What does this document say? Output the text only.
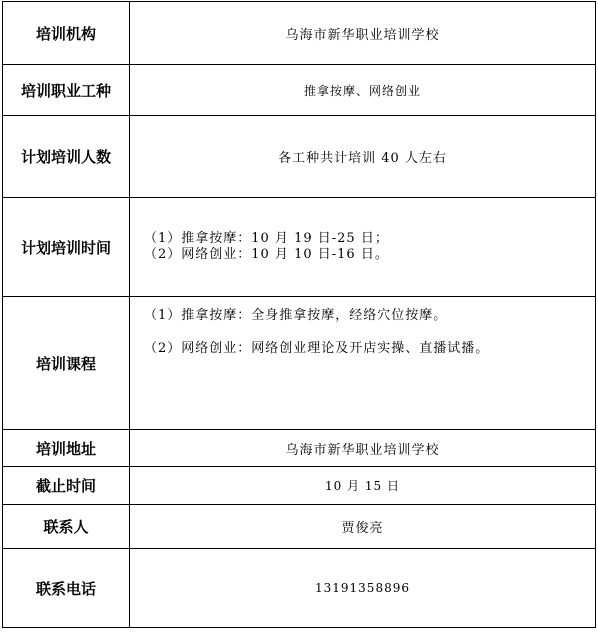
培训机构	乌海市新华职业培训学校
培训职业工种	推拿按摩、网络创业
计划培训人数	各工种共计培训 40 人左右
计划培训时间	（1）推拿按摩：10 月 19 日-25 日；
（2）网络创业：10 月 10 日-16 日。

培训课程	（1）推拿按摩：全身推拿按摩，经络穴位按摩。
（2）网络创业：网络创业理论及开店实操、直播试播。

培训地址	乌海市新华职业培训学校
截止时间	10 月 15 日
联系人	贾俊亮
联系电话	13191358896
